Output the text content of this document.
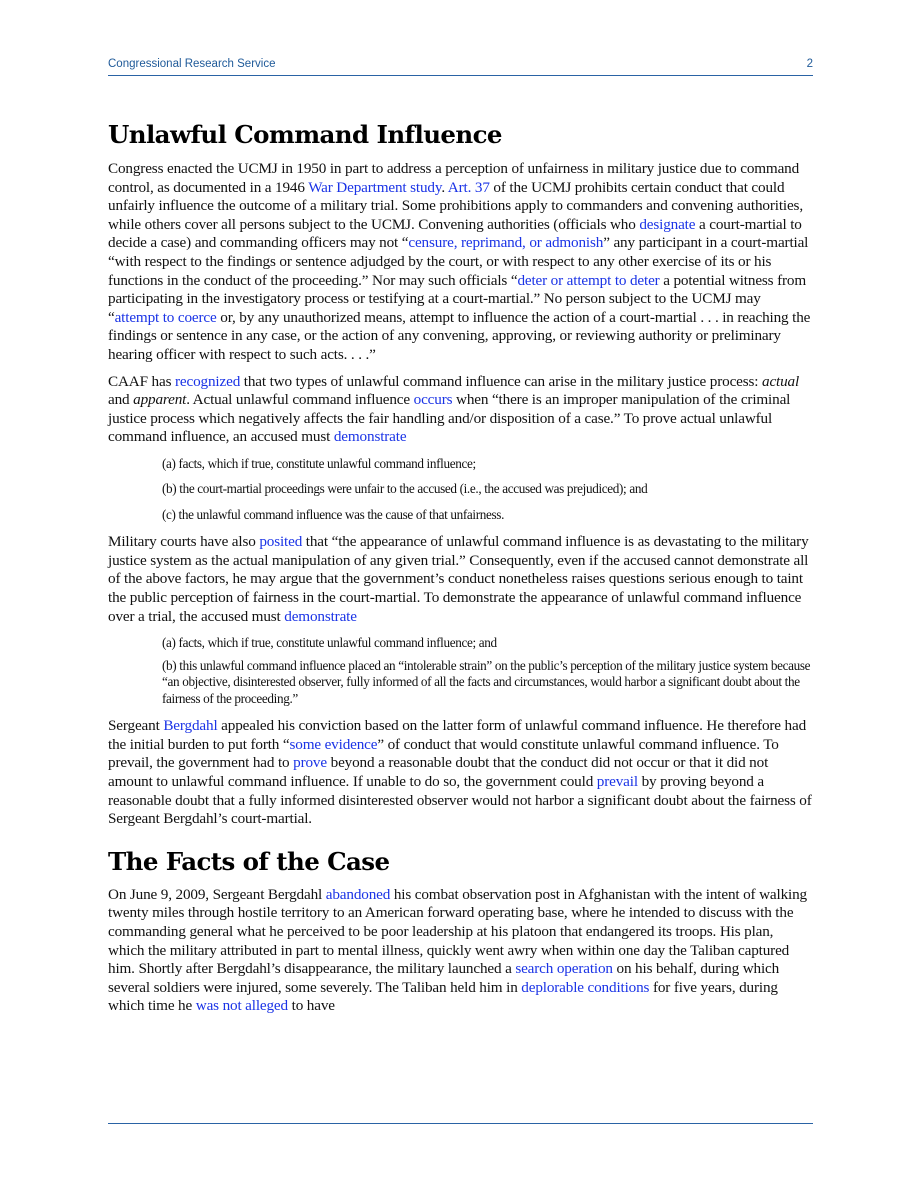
Congressional Research Service	2
Unlawful Command Influence

Congress enacted the UCMJ in 1950 in part to address a perception of unfairness in military justice due to command control, as documented in a 1946 War Department study. Art. 37 of the UCMJ prohibits certain conduct that could unfairly influence the outcome of a military trial. Some prohibitions apply to commanders and convening authorities, while others cover all persons subject to the UCMJ. Convening authorities (officials who designate a court-martial to decide a case) and commanding officers may not “censure, reprimand, or admonish” any participant in a court-martial “with respect to the findings or sentence adjudged by the court, or with respect to any other exercise of its or his functions in the conduct of the proceeding.” Nor may such officials “deter or attempt to deter a potential witness from participating in the investigatory process or testifying at a court-martial.” No person subject to the UCMJ may “attempt to coerce or, by any unauthorized means, attempt to influence the action of a court-martial . . . in reaching the findings or sentence in any case, or the action of any convening, approving, or reviewing authority or preliminary hearing officer with respect to such acts. . . .”

CAAF has recognized that two types of unlawful command influence can arise in the military justice process: actual and apparent. Actual unlawful command influence occurs when “there is an improper manipulation of the criminal justice process which negatively affects the fair handling and/or disposition of a case.” To prove actual unlawful command influence, an accused must demonstrate

(a) facts, which if true, constitute unlawful command influence;
(b) the court-martial proceedings were unfair to the accused (i.e., the accused was prejudiced); and
(c) the unlawful command influence was the cause of that unfairness.

Military courts have also posited that “the appearance of unlawful command influence is as devastating to the military justice system as the actual manipulation of any given trial.” Consequently, even if the accused cannot demonstrate all of the above factors, he may argue that the government’s conduct nonetheless raises questions serious enough to taint the public perception of fairness in the court-martial. To demonstrate the appearance of unlawful command influence over a trial, the accused must demonstrate

(a) facts, which if true, constitute unlawful command influence; and
(b) this unlawful command influence placed an “intolerable strain” on the public’s perception of the military justice system because “an objective, disinterested observer, fully informed of all the facts and circumstances, would harbor a significant doubt about the fairness of the proceeding.”

Sergeant Bergdahl appealed his conviction based on the latter form of unlawful command influence. He therefore had the initial burden to put forth “some evidence” of conduct that would constitute unlawful command influence. To prevail, the government had to prove beyond a reasonable doubt that the conduct did not occur or that it did not amount to unlawful command influence. If unable to do so, the government could prevail by proving beyond a reasonable doubt that a fully informed disinterested observer would not harbor a significant doubt about the fairness of Sergeant Bergdahl’s court-martial.

The Facts of the Case

On June 9, 2009, Sergeant Bergdahl abandoned his combat observation post in Afghanistan with the intent of walking twenty miles through hostile territory to an American forward operating base, where he intended to discuss with the commanding general what he perceived to be poor leadership at his platoon that endangered its troops. His plan, which the military attributed in part to mental illness, quickly went awry when within one day the Taliban captured him. Shortly after Bergdahl’s disappearance, the military launched a search operation on his behalf, during which several soldiers were injured, some severely. The Taliban held him in deplorable conditions for five years, during which time he was not alleged to have
